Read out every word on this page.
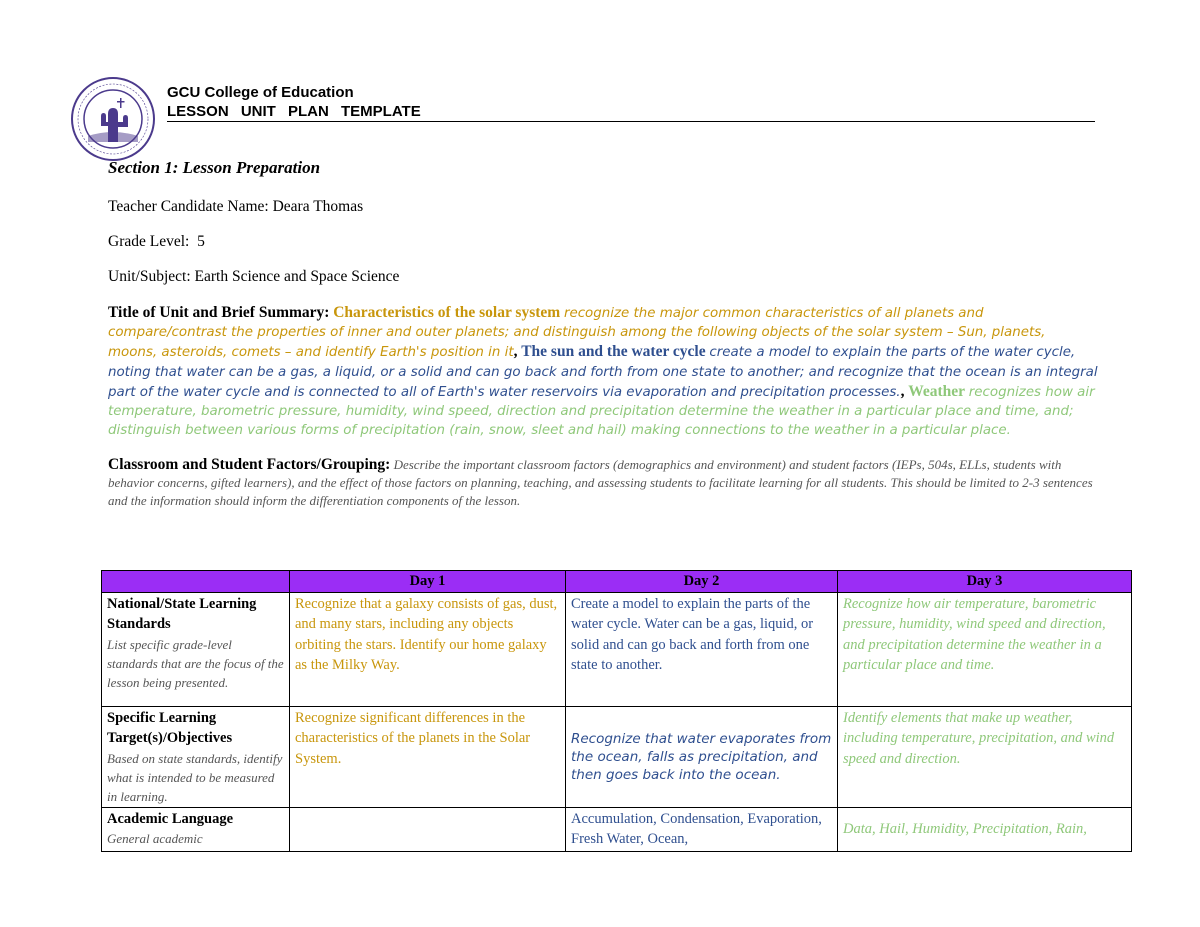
GCU College of Education
LESSON UNIT PLAN TEMPLATE
Section 1: Lesson Preparation
Teacher Candidate Name: Deara Thomas
Grade Level: 5
Unit/Subject: Earth Science and Space Science
Title of Unit and Brief Summary: Characteristics of the solar system recognize the major common characteristics of all planets and compare/contrast the properties of inner and outer planets; and distinguish among the following objects of the solar system – Sun, planets, moons, asteroids, comets – and identify Earth's position in it, The sun and the water cycle create a model to explain the parts of the water cycle, noting that water can be a gas, a liquid, or a solid and can go back and forth from one state to another; and recognize that the ocean is an integral part of the water cycle and is connected to all of Earth's water reservoirs via evaporation and precipitation processes., Weather recognizes how air temperature, barometric pressure, humidity, wind speed, direction and precipitation determine the weather in a particular place and time, and; distinguish between various forms of precipitation (rain, snow, sleet and hail) making connections to the weather in a particular place.
Classroom and Student Factors/Grouping: Describe the important classroom factors (demographics and environment) and student factors (IEPs, 504s, ELLs, students with behavior concerns, gifted learners), and the effect of those factors on planning, teaching, and assessing students to facilitate learning for all students. This should be limited to 2-3 sentences and the information should inform the differentiation components of the lesson.
	Day 1	Day 2	Day 3

National/State Learning Standards
List specific grade-level standards that are the focus of the lesson being presented.	Recognize that a galaxy consists of gas, dust, and many stars, including any objects orbiting the stars. Identify our home galaxy as the Milky Way.	Create a model to explain the parts of the water cycle. Water can be a gas, liquid, or solid and can go back and forth from one state to another.	Recognize how air temperature, barometric pressure, humidity, wind speed and direction, and precipitation determine the weather in a particular place and time.

Specific Learning Target(s)/Objectives
Based on state standards, identify what is intended to be measured in learning.	Recognize significant differences in the characteristics of the planets in the Solar System.	Recognize that water evaporates from the ocean, falls as precipitation, and then goes back into the ocean.	Identify elements that make up weather, including temperature, precipitation, and wind speed and direction.

Academic Language
General academic		Accumulation, Condensation, Evaporation, Fresh Water, Ocean,	Data, Hail, Humidity, Precipitation, Rain,
